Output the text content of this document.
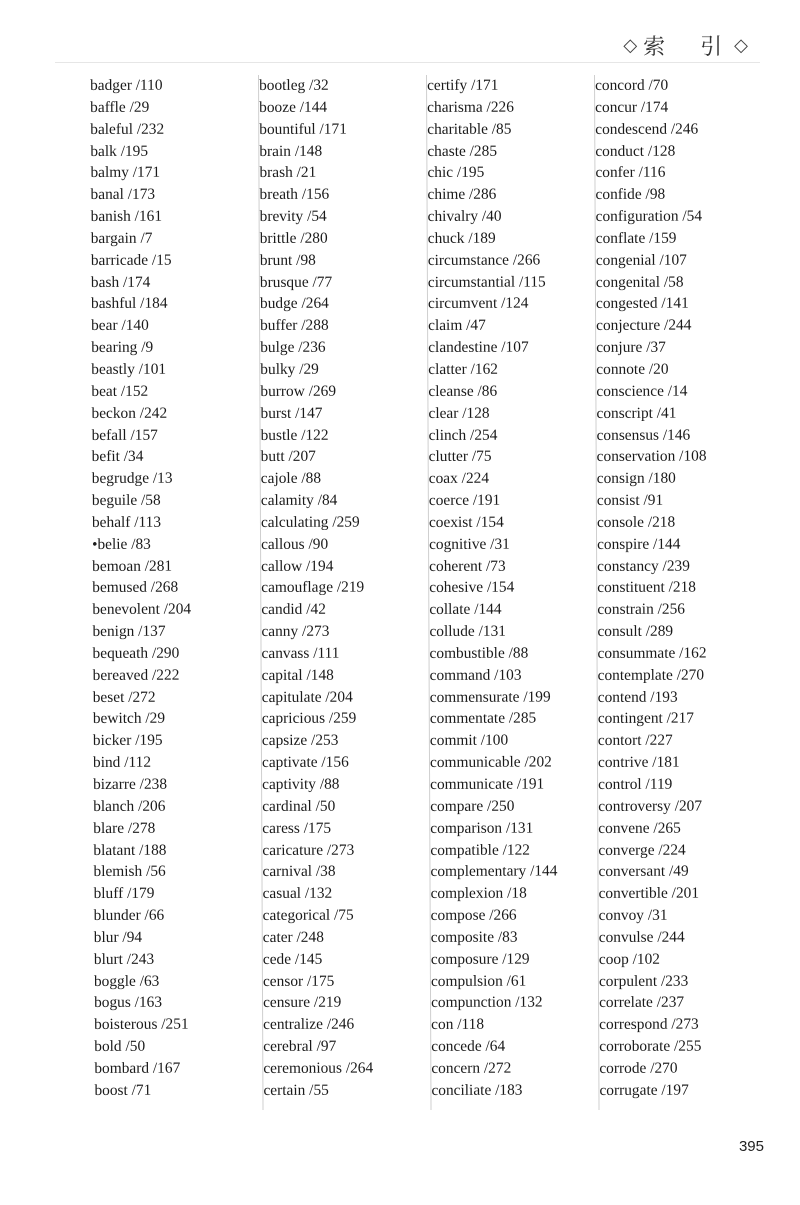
◇ 索 引
◇
badger /110
baffle /29
baleful /232
balk /195
balmy /171
banal /173
banish /161
bargain /7
barricade /15
bash /174
bashful /184
bear /140
bearing /9
beastly /101
beat /152
beckon /242
befall /157
befit /34
begrudge /13
beguile /58
behalf /113
•belie /83
bemoan /281
bemused /268
benevolent /204
benign /137
bequeath /290
bereaved /222
beset /272
bewitch /29
bicker /195
bind /112
bizarre /238
blanch /206
blare /278
blatant /188
blemish /56
bluff /179
blunder /66
blur /94
blurt /243
boggle /63
bogus /163
boisterous /251
bold /50
bombard /167
boost /71
bootleg /32
booze /144
bountiful /171
brain /148
brash /21
breath /156
brevity /54
brittle /280
brunt /98
brusque /77
budge /264
buffer /288
bulge /236
bulky /29
burrow /269
burst /147
bustle /122
butt /207
cajole /88
calamity /84
calculating /259
callous /90
callow /194
camouflage /219
candid /42
canny /273
canvass /111
capital /148
capitulate /204
capricious /259
capsize /253
captivate /156
captivity /88
cardinal /50
caress /175
caricature /273
carnival /38
casual /132
categorical /75
cater /248
cede /145
censor /175
censure /219
centralize /246
cerebral /97
ceremonious /264
certain /55
certify /171
charisma /226
charitable /85
chaste /285
chic /195
chime /286
chivalry /40
chuck /189
circumstance /266
circumstantial /115
circumvent /124
claim /47
clandestine /107
clatter /162
cleanse /86
clear /128
clinch /254
clutter /75
coax /224
coerce /191
coexist /154
cognitive /31
coherent /73
cohesive /154
collate /144
collude /131
combustible /88
command /103
commensurate /199
commentate /285
commit /100
communicable /202
communicate /191
compare /250
comparison /131
compatible /122
complementary /144
complexion /18
compose /266
composite /83
composure /129
compulsion /61
compunction /132
con /118
concede /64
concern /272
conciliate /183
concord /70
concur /174
condescend /246
conduct /128
confer /116
confide /98
configuration /54
conflate /159
congenial /107
congenital /58
congested /141
conjecture /244
conjure /37
connote /20
conscience /14
conscript /41
consensus /146
conservation /108
consign /180
consist /91
console /218
conspire /144
constancy /239
constituent /218
constrain /256
consult /289
consummate /162
contemplate /270
contend /193
contingent /217
contort /227
contrive /181
control /119
controversy /207
convene /265
converge /224
conversant /49
convertible /201
convoy /31
convulse /244
coop /102
corpulent /233
correlate /237
correspond /273
corroborate /255
corrode /270
corrugate /197
395
